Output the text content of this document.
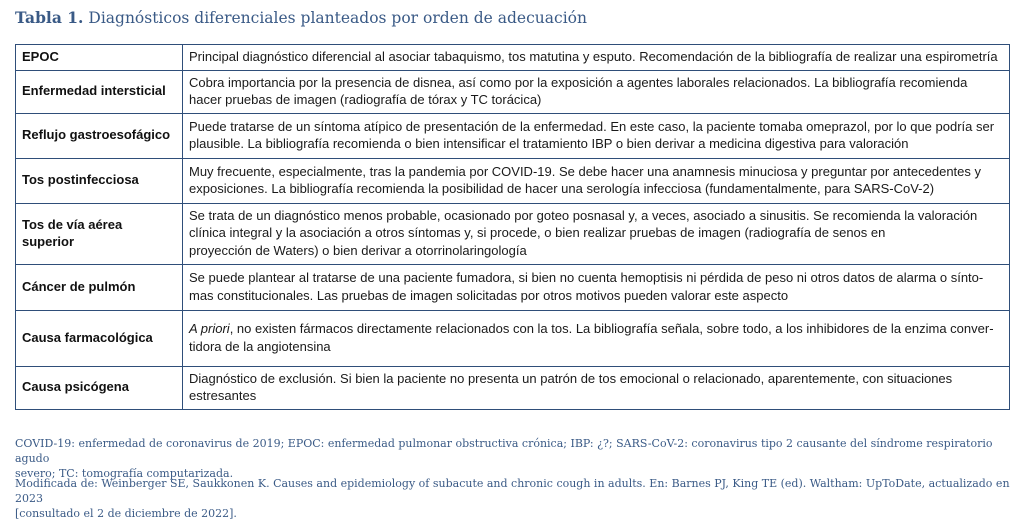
Tabla 1. Diagnósticos diferenciales planteados por orden de adecuación
EPOC	Principal diagnóstico diferencial al asociar tabaquismo, tos matutina y esputo. Recomendación de la bibliografía de realizar una espirometría

Enfermedad intersticial	Cobra importancia por la presencia de disnea, así como por la exposición a agentes laborales relacionados. La bibliografía recomienda
hacer pruebas de imagen (radiografía de tórax y TC torácica)

Reflujo gastroesofágico	Puede tratarse de un síntoma atípico de presentación de la enfermedad. En este caso, la paciente tomaba omeprazol, por lo que podría ser
plausible. La bibliografía recomienda o bien intensificar el tratamiento IBP o bien derivar a medicina digestiva para valoración

Tos postinfecciosa	Muy frecuente, especialmente, tras la pandemia por COVID-19. Se debe hacer una anamnesis minuciosa y preguntar por antecedentes y
exposiciones. La bibliografía recomienda la posibilidad de hacer una serología infecciosa (fundamentalmente, para SARS-CoV-2)

Tos de vía aérea superior	Se trata de un diagnóstico menos probable, ocasionado por goteo posnasal y, a veces, asociado a sinusitis. Se recomienda la valoración
clínica integral y la asociación a otros síntomas y, si procede, o bien realizar pruebas de imagen (radiografía de senos en
proyección de Waters) o bien derivar a otorrinolaringología

Cáncer de pulmón	Se puede plantear al tratarse de una paciente fumadora, si bien no cuenta hemoptisis ni pérdida de peso ni otros datos de alarma o sínto-
mas constitucionales. Las pruebas de imagen solicitadas por otros motivos pueden valorar este aspecto

Causa farmacológica	A priori, no existen fármacos directamente relacionados con la tos. La bibliografía señala, sobre todo, a los inhibidores de la enzima conver-
tidora de la angiotensina

Causa psicógena	Diagnóstico de exclusión. Si bien la paciente no presenta un patrón de tos emocional o relacionado, aparentemente, con situaciones estresantes
COVID-19: enfermedad de coronavirus de 2019; EPOC: enfermedad pulmonar obstructiva crónica; IBP: ¿?; SARS-CoV-2: coronavirus tipo 2 causante del síndrome respiratorio agudo
severo; TC: tomografía computarizada.
Modificada de: Weinberger SE, Saukkonen K. Causes and epidemiology of subacute and chronic cough in adults. En: Barnes PJ, King TE (ed). Waltham: UpToDate, actualizado en 2023
[consultado el 2 de diciembre de 2022].
